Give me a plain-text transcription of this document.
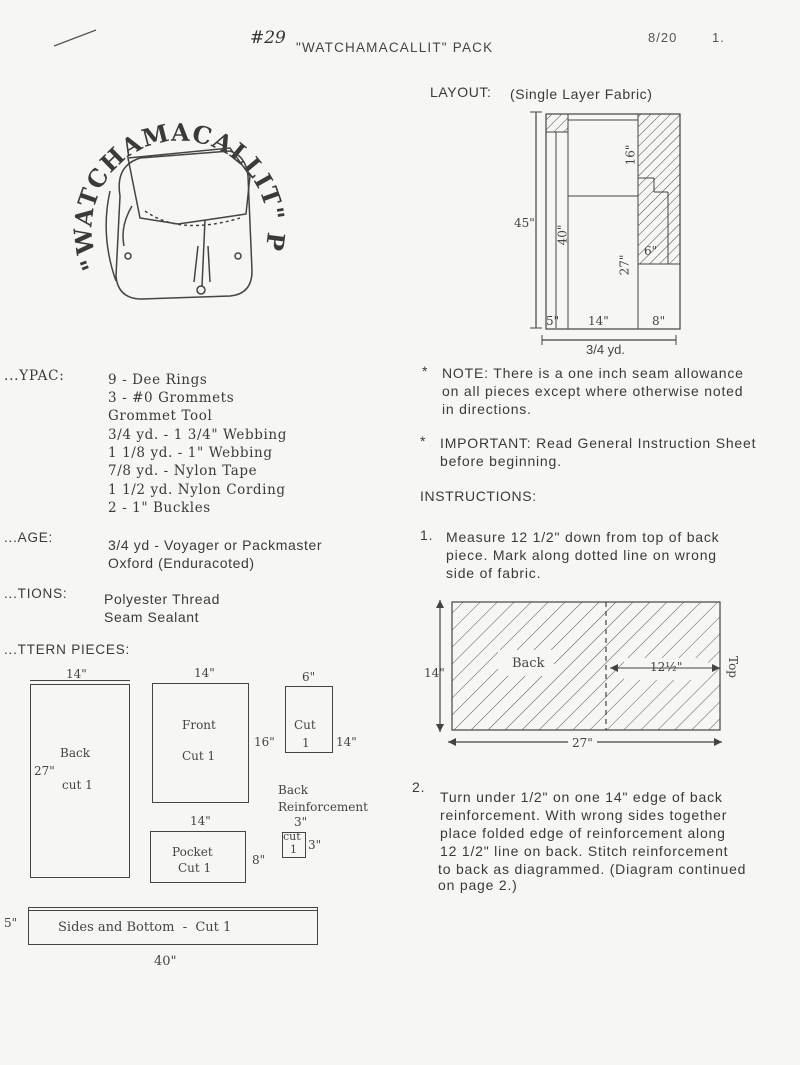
#29 "WATCHAMACALLIT" PACK
8/20	1.
"WATCHAMACALLIT" P
LAYOUT: (Single Layer Fabric)
45"
40"
16"
27"
6"
5" 14"	8"
3/4 yd.
* NOTE: There is a one inch seam allowance
on all pieces except where otherwise noted
in directions.
* IMPORTANT: Read General Instruction Sheet
before beginning.
INSTRUCTIONS:
1. Measure 12 1/2" down from top of back
piece. Mark along dotted line on wrong
side of fabric.
Back
14"	12½"	Top
27"
2.
Turn under 1/2" on one 14" edge of back
reinforcement. With wrong sides together
place folded edge of reinforcement along
12 1/2" line on back. Stitch reinforcement
to back as diagrammed. (Diagram continued
on page 2.)
...YPAC:	9 - Dee Rings
3 - #0 Grommets
Grommet Tool
3/4 yd. - 1 3/4" Webbing
1 1/8 yd. - 1" Webbing
7/8 yd. - Nylon Tape
1 1/2 yd. Nylon Cording
2 - 1" Buckles
...AGE:	3/4 yd - Voyager or Packmaster
Oxford (Enduracoted)
...TIONS:	Polyester Thread
Seam Sealant
...TTERN PIECES:
14"
27"
Back
cut 1
14"
Front
Cut 1
16"
6"
Cut
1 14"
14"
Pocket
Cut 1
8"
Back
Reinforcement
3"
cut
1 3"
5"	Sides and Bottom  -  Cut 1
40"
